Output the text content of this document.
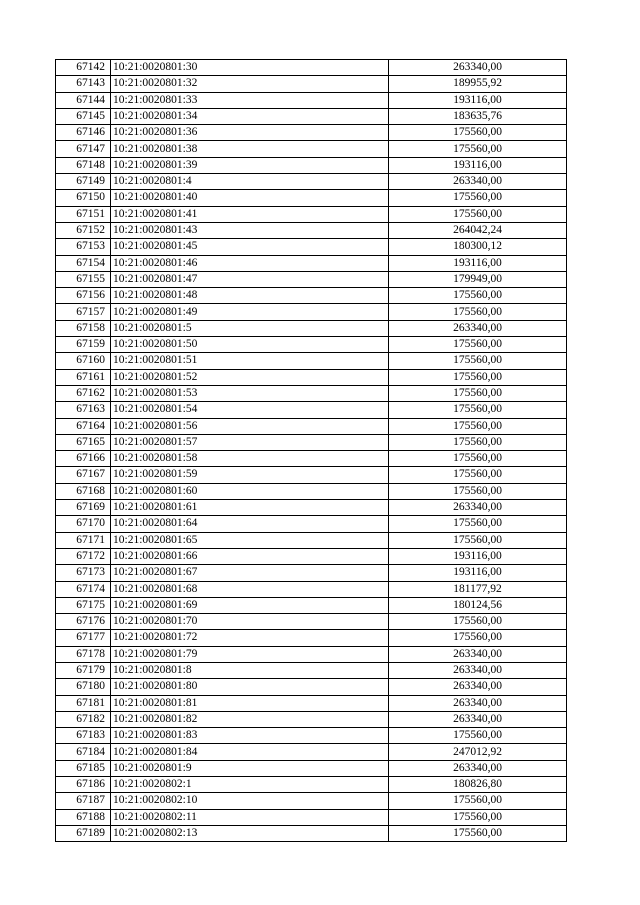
67142	10:21:0020801:30	263340,00
67143	10:21:0020801:32	189955,92
67144	10:21:0020801:33	193116,00
67145	10:21:0020801:34	183635,76
67146	10:21:0020801:36	175560,00
67147	10:21:0020801:38	175560,00
67148	10:21:0020801:39	193116,00
67149	10:21:0020801:4	263340,00
67150	10:21:0020801:40	175560,00
67151	10:21:0020801:41	175560,00
67152	10:21:0020801:43	264042,24
67153	10:21:0020801:45	180300,12
67154	10:21:0020801:46	193116,00
67155	10:21:0020801:47	179949,00
67156	10:21:0020801:48	175560,00
67157	10:21:0020801:49	175560,00
67158	10:21:0020801:5	263340,00
67159	10:21:0020801:50	175560,00
67160	10:21:0020801:51	175560,00
67161	10:21:0020801:52	175560,00
67162	10:21:0020801:53	175560,00
67163	10:21:0020801:54	175560,00
67164	10:21:0020801:56	175560,00
67165	10:21:0020801:57	175560,00
67166	10:21:0020801:58	175560,00
67167	10:21:0020801:59	175560,00
67168	10:21:0020801:60	175560,00
67169	10:21:0020801:61	263340,00
67170	10:21:0020801:64	175560,00
67171	10:21:0020801:65	175560,00
67172	10:21:0020801:66	193116,00
67173	10:21:0020801:67	193116,00
67174	10:21:0020801:68	181177,92
67175	10:21:0020801:69	180124,56
67176	10:21:0020801:70	175560,00
67177	10:21:0020801:72	175560,00
67178	10:21:0020801:79	263340,00
67179	10:21:0020801:8	263340,00
67180	10:21:0020801:80	263340,00
67181	10:21:0020801:81	263340,00
67182	10:21:0020801:82	263340,00
67183	10:21:0020801:83	175560,00
67184	10:21:0020801:84	247012,92
67185	10:21:0020801:9	263340,00
67186	10:21:0020802:1	180826,80
67187	10:21:0020802:10	175560,00
67188	10:21:0020802:11	175560,00
67189	10:21:0020802:13	175560,00
